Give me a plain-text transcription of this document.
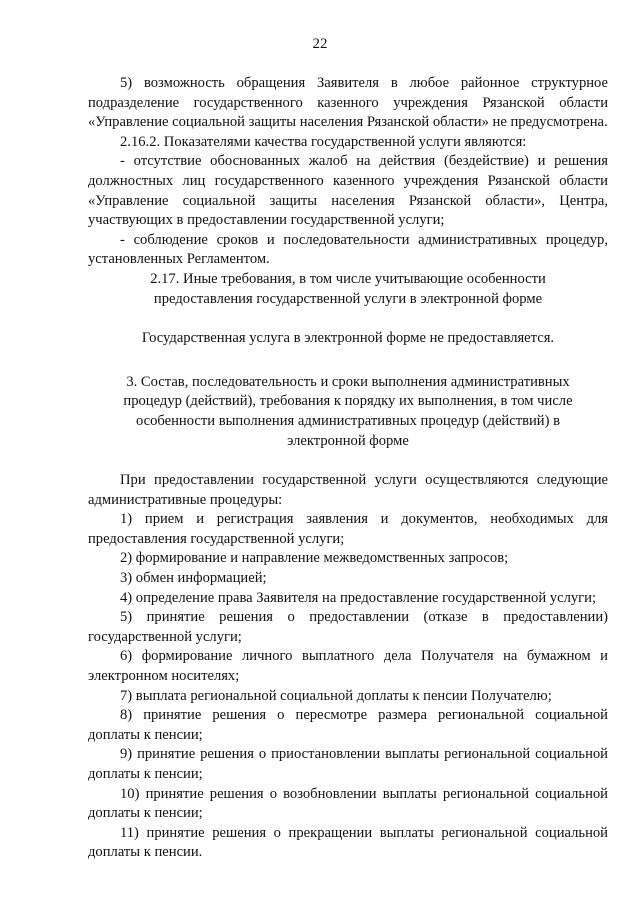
22

5) возможность обращения Заявителя в любое районное структурное подразделение государственного казенного учреждения Рязанской области «Управление социальной защиты населения Рязанской области» не предусмотрена.

2.16.2. Показателями качества государственной услуги являются:

- отсутствие обоснованных жалоб на действия (бездействие) и решения должностных лиц государственного казенного учреждения Рязанской области «Управление социальной защиты населения Рязанской области», Центра, участвующих в предоставлении государственной услуги;

- соблюдение сроков и последовательности административных процедур, установленных Регламентом.

2.17. Иные требования, в том числе учитывающие особенности предоставления государственной услуги в электронной форме

Государственная услуга в электронной форме не предоставляется.

3. Состав, последовательность и сроки выполнения административных процедур (действий), требования к порядку их выполнения, в том числе особенности выполнения административных процедур (действий) в электронной форме

При предоставлении государственной услуги осуществляются следующие административные процедуры:

1) прием и регистрация заявления и документов, необходимых для предоставления государственной услуги;

2) формирование и направление межведомственных запросов;

3) обмен информацией;

4) определение права Заявителя на предоставление государственной услуги;

5) принятие решения о предоставлении (отказе в предоставлении) государственной услуги;

6) формирование личного выплатного дела Получателя на бумажном и электронном носителях;

7) выплата региональной социальной доплаты к пенсии Получателю;

8) принятие решения о пересмотре размера региональной социальной доплаты к пенсии;

9) принятие решения о приостановлении выплаты региональной социальной доплаты к пенсии;

10) принятие решения о возобновлении выплаты региональной социальной доплаты к пенсии;

11) принятие решения о прекращении выплаты региональной социальной доплаты к пенсии.
